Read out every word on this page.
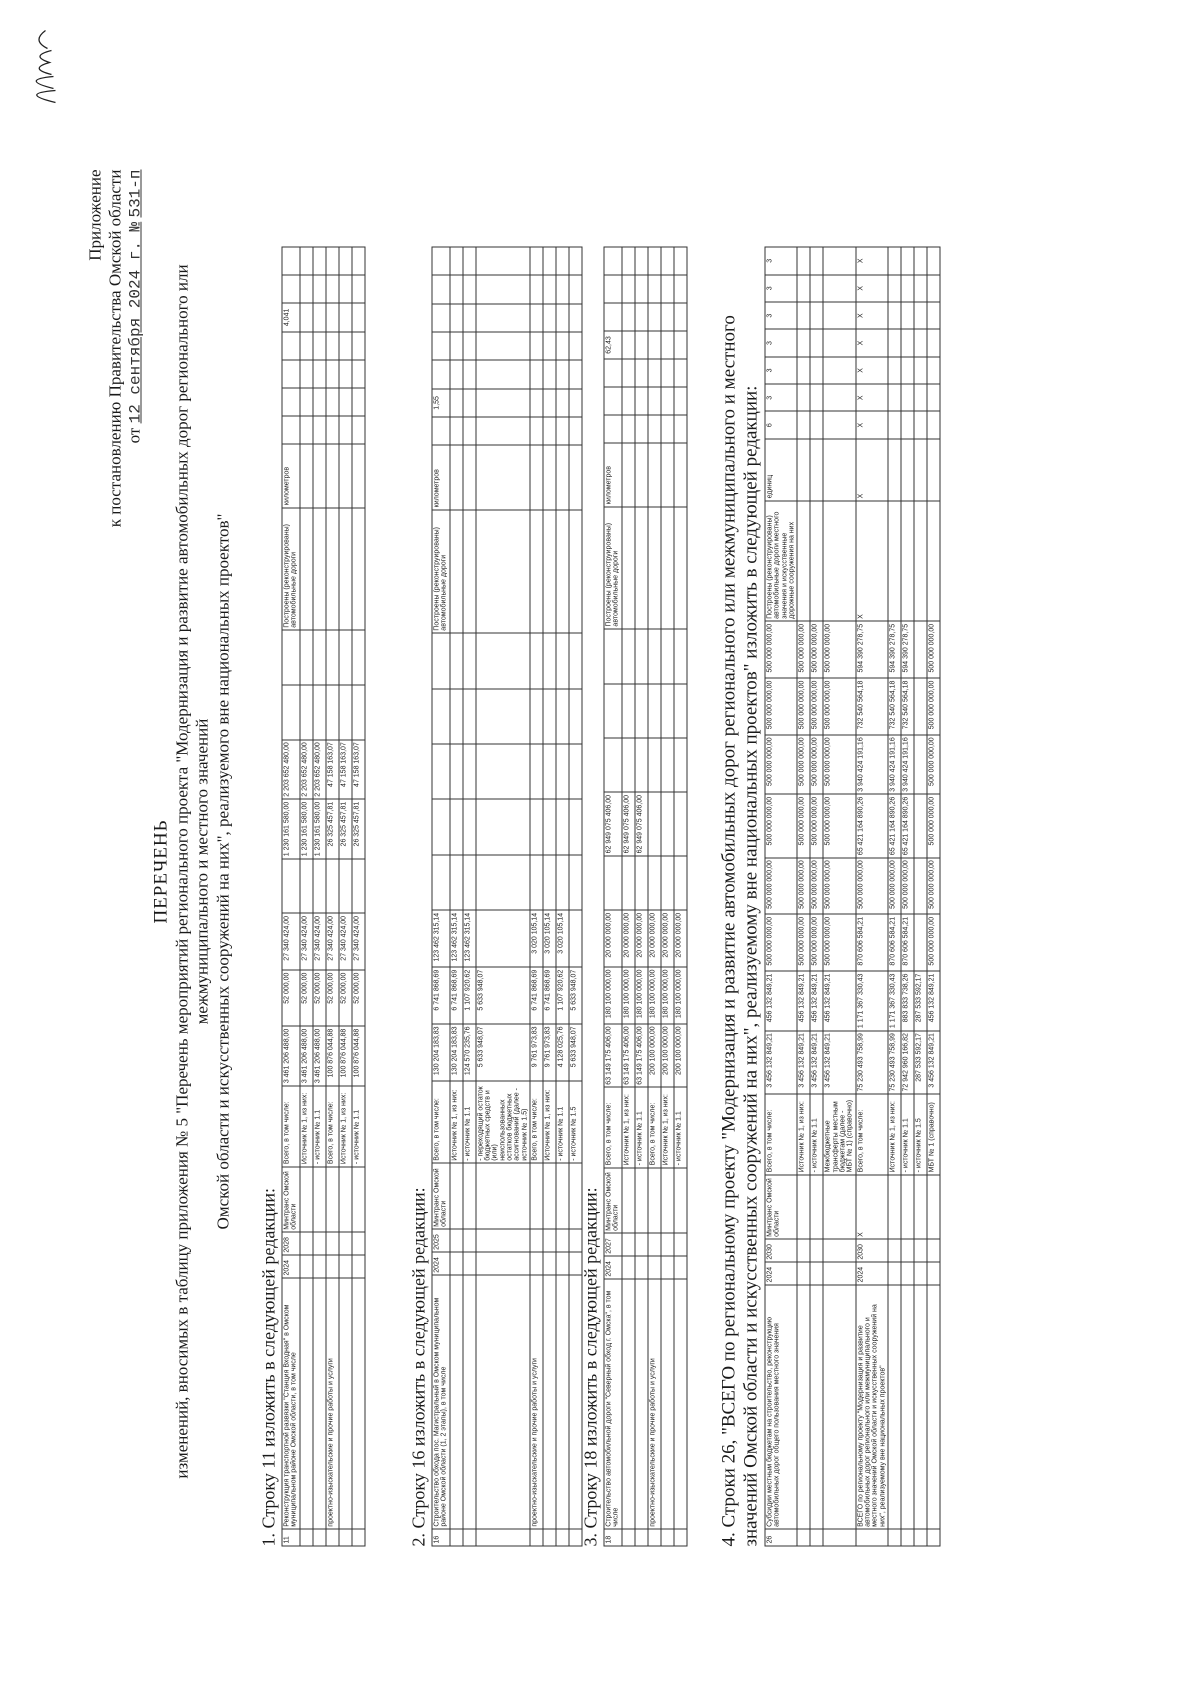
Приложение к постановлению Правительства Омской области от 12 сентября 2024 г. № 531-п
ПЕРЕЧЕНЬ изменений, вносимых в таблицу приложения № 5 "Перечень мероприятий регионального проекта "Модернизация и развитие автомобильных дорог регионального или межмуниципального и местного значений Омской области и искусственных сооружений на них", реализуемого вне национальных проектов"
1. Строку 11 изложить в следующей редакции: 11	Реконструкция транспортной развязки "Станция Входная" в Омском муниципальном районе Омской области, в том числе	2024	2028	Минтранс Омской области	Всего, в том числе:	3 461 206 488,00	52 000,00	27 340 424,00		1 230 161 580,00	2 203 652 480,00			Построены (реконструированы) автомобильные дороги	километров					4,041		
					Источник № 1, из них:	3 461 206 488,00	52 000,00	27 340 424,00		1 230 161 580,00	2 203 652 480,00											
					- источник № 1.1	3 461 206 488,00	52 000,00	27 340 424,00		1 230 161 580,00	2 203 652 480,00											
	проектно-изыскательские и прочие работы и услуги				Всего, в том числе:	100 876 044,88	52 000,00	27 340 424,00		26 325 457,81	47 158 163,07											
					Источник № 1, из них:	100 876 044,88	52 000,00	27 340 424,00		26 325 457,81	47 158 163,07											
					- источник № 1.1	100 876 044,88	52 000,00	27 340 424,00		26 325 457,81	47 158 163,07											
2. Строку 16 изложить в следующей редакции: 16	Строительство обхода пос. Магистральный в Омском муниципальном районе Омской области (1, 2 этапы), в том числе	2024	2025	Минтранс Омской области	Всего, в том числе:	130 204 183,83	6 741 868,69	123 462 315,14						Построены (реконструированы) автомобильные дороги	километров		1,55					
					Источник № 1, из них:	130 204 183,83	6 741 868,69	123 462 315,14														
					- источник № 1.1	124 570 235,76	1 107 920,62	123 462 315,14														
					- переходящий остаток бюджетных средств и (или) неиспользованных остатков бюджетных ассигнований (далее - источник № 1.5)	5 633 948,07	5 633 948,07															
	проектно-изыскательские и прочие работы и услуги				Всего, в том числе:	9 761 973,83	6 741 868,69	3 020 105,14														
					Источник № 1, из них:	9 761 973,83	6 741 868,69	3 020 105,14														
					- источник № 1.1	4 128 025,76	1 107 920,62	3 020 105,14														
					- источник № 1.5	5 633 948,07	5 633 948,07															
3. Строку 18 изложить в следующей редакции: 18	Строительство автомобильной дороги "Северный обход г. Омска", в том числе	2024	2027	Минтранс Омской области	Всего, в том числе:	63 149 175 406,00	180 100 000,00	20 000 000,00		62 949 075 406,00				Построены (реконструированы) автомобильные дороги	километров				62,43			
					Источник № 1, из них:	63 149 175 406,00	180 100 000,00	20 000 000,00		62 949 075 406,00												
					- источник № 1.1	63 149 175 406,00	180 100 000,00	20 000 000,00		62 949 075 406,00												
	проектно-изыскательские и прочие работы и услуги				Всего, в том числе:	200 100 000,00	180 100 000,00	20 000 000,00														
					Источник № 1, из них:	200 100 000,00	180 100 000,00	20 000 000,00														
					- источник № 1.1	200 100 000,00	180 100 000,00	20 000 000,00														4. Строки 26, "ВСЕГО по региональному проекту "Модернизация и развитие автомобильных дорог регионального или межмуниципального и местного значений Омской области и искусственных сооружений на них", реализуемому вне национальных проектов" изложить в следующей редакции: 26	Субсидии местным бюджетам на строительство, реконструкцию автомобильных дорог общего пользования местного значения	2024	2030	Минтранс Омской области	Всего, в том числе:	3 456 132 849,21	456 132 849,21	500 000 000,00	500 000 000,00	500 000 000,00	500 000 000,00	500 000 000,00	500 000 000,00	Построены (реконструированы) автомобильные дороги местного значения и искусственные дорожные сооружения на них	единиц	6	3	3	3	3	3	3
					Источник № 1, из них:	3 456 132 849,21	456 132 849,21	500 000 000,00	500 000 000,00	500 000 000,00	500 000 000,00	500 000 000,00	500 000 000,00									
					- источник № 1.1	3 456 132 849,21	456 132 849,21	500 000 000,00	500 000 000,00	500 000 000,00	500 000 000,00	500 000 000,00	500 000 000,00									
					Межбюджетные трансферты местным бюджетам (далее - МБТ № 1) (справочно)	3 456 132 849,21	456 132 849,21	500 000 000,00	500 000 000,00	500 000 000,00	500 000 000,00	500 000 000,00	500 000 000,00									
	ВСЕГО по региональному проекту "Модернизация и развитие автомобильных дорог регионального или межмуниципального и местного значений Омской области и искусственных сооружений на них", реализуемому вне национальных проектов"	2024	2030	X	Всего, в том числе:	75 230 493 758,99	1 171 367 330,43	870 606 584,21	500 000 000,00	65 421 164 890,26	3 940 424 191,16	732 540 564,18	594 390 278,75	X	X	X	X	X	X	X	X	X
					Источник № 1, из них:	75 230 493 758,99	1 171 367 330,43	870 606 584,21	500 000 000,00	65 421 164 890,26	3 940 424 191,16	732 540 564,18	594 390 278,75									
					- источник № 1.1	72 942 960 166,82	883 833 738,26	870 606 584,21	500 000 000,00	65 421 164 890,26	3 940 424 191,16	732 540 564,18	594 390 278,75									
					- источник № 1.5	287 533 592,17	287 533 592,17															
					МБТ № 1 (справочно)	3 456 132 849,21	456 132 849,21	500 000 000,00	500 000 000,00	500 000 000,00	500 000 000,00	500 000 000,00	500 000 000,00									
